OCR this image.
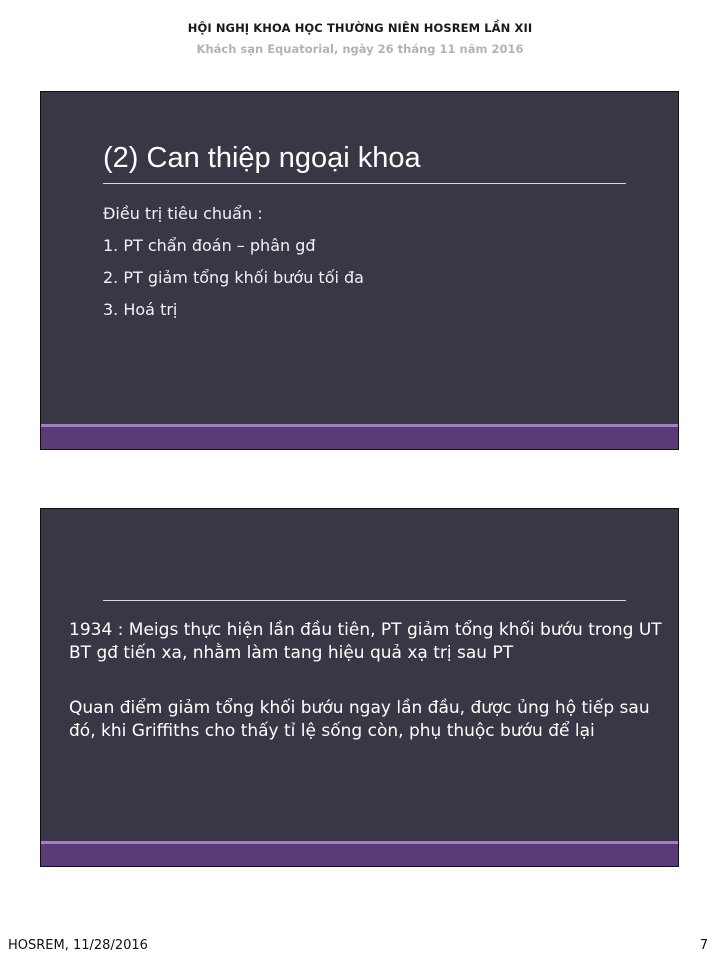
HỘI NGHỊ KHOA HỌC THƯỜNG NIÊN HOSREM LẦN XII
Khách sạn Equatorial, ngày 26 tháng 11 năm 2016
(2) Can thiệp ngoại khoa
Điều trị tiêu chuẩn :
1. PT chẩn đoán – phân gđ
2. PT giảm tổng khối bướu tối đa
3. Hoá trị

1934 : Meigs thực hiện lần đầu tiên, PT giảm tổng khối bướu trong UT BT gđ tiến xa, nhằm làm tang hiệu quả xạ trị sau PT

Quan điểm giảm tổng khối bướu ngay lần đầu, được ủng hộ tiếp sau đó, khi Griffiths cho thấy tỉ lệ sống còn, phụ thuộc bướu để lại

HOSREM, 11/28/2016	7
